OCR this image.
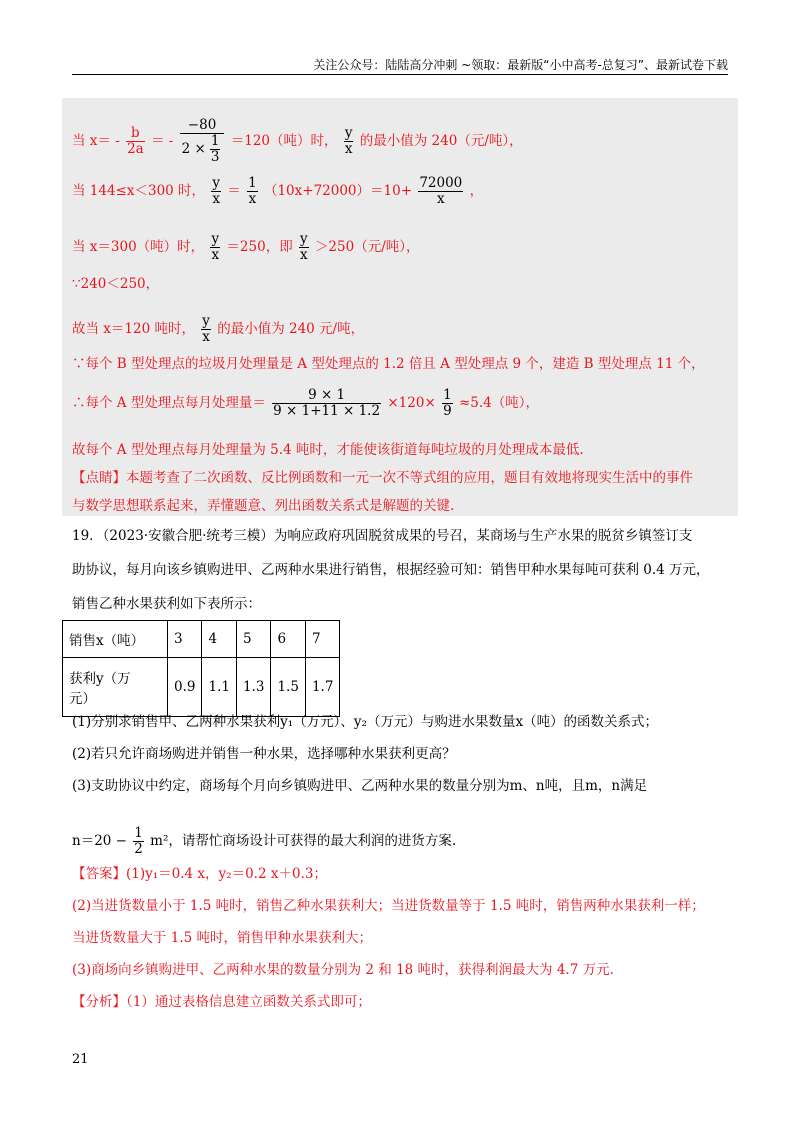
关注公众号：陆陆高分冲刺 ~领取：最新版“小中高考-总复习”、最新试卷下载
当 $x= - \frac{b}{2a}$ ＝ - $\frac{-80}{2 \times \frac{1}{3}} =120$（吨）时， $\frac{y}{x}$ 的最小值为 240（元/吨），
当 144≤x＜300 时， $\frac{y}{x} = \frac{1}{x} (10x+72000)=10+ \frac{72000}{x}$ ，
当 x＝300（吨）时， $\frac{y}{x} =250$，即 $\frac{y}{x} >250$（元/吨），
∵240＜250，
故当 x＝120 吨时， $\frac{y}{x}$ 的最小值为 240 元/吨，
∵每个 B 型处理点的垃圾月处理量是 A 型处理点的 1.2 倍且 A 型处理点 9 个，建造 B 型处理点 11 个，
∴每个 A 型处理点每月处理量＝ $\frac{9 \times 1}{9 \times 1+11 \times 1.2} \times 120\times \frac{1}{9} \approx 5.4$（吨），
故每个 A 型处理点每月处理量为 5.4 吨时，才能使该街道每吨垃圾的月处理成本最低.
【点睛】本题考查了二次函数、反比例函数和一元一次不等式组的应用，题目有效地将现实生活中的事件
与数学思想联系起来，弄懂题意、列出函数关系式是解题的关键.
19．（2023·安徽合肥·统考三模）为响应政府巩固脱贫成果的号召，某商场与生产水果的脱贫乡镇签订支
助协议，每月向该乡镇购进甲、乙两种水果进行销售，根据经验可知：销售甲种水果每吨可获利 0.4 万元，
销售乙种水果获利如下表所示：
销售x（吨）	3	4	5	6	7

获利y（万
元）	0.9	1.1	1.3	1.5	1.7
(1)分别求销售甲、乙两种水果获利y₁（万元）、y₂（万元）与购进水果数量x（吨）的函数关系式；
(2)若只允许商场购进并销售一种水果，选择哪种水果获利更高？
(3)支助协议中约定，商场每个月向乡镇购进甲、乙两种水果的数量分别为m、n吨，且m，n满足
$n=20 - \frac{1}{2} m^2$，请帮忙商场设计可获得的最大利润的进货方案.
【答案】(1)y₁＝0.4 x，y₂＝0.2 x＋0.3；
(2)当进货数量小于 1.5 吨时，销售乙种水果获利大；当进货数量等于 1.5 吨时，销售两种水果获利一样；
当进货数量大于 1.5 吨时，销售甲种水果获利大；
(3)商场向乡镇购进甲、乙两种水果的数量分别为 2 和 18 吨时，获得利润最大为 4.7 万元.
【分析】（1）通过表格信息建立函数关系式即可；
21
